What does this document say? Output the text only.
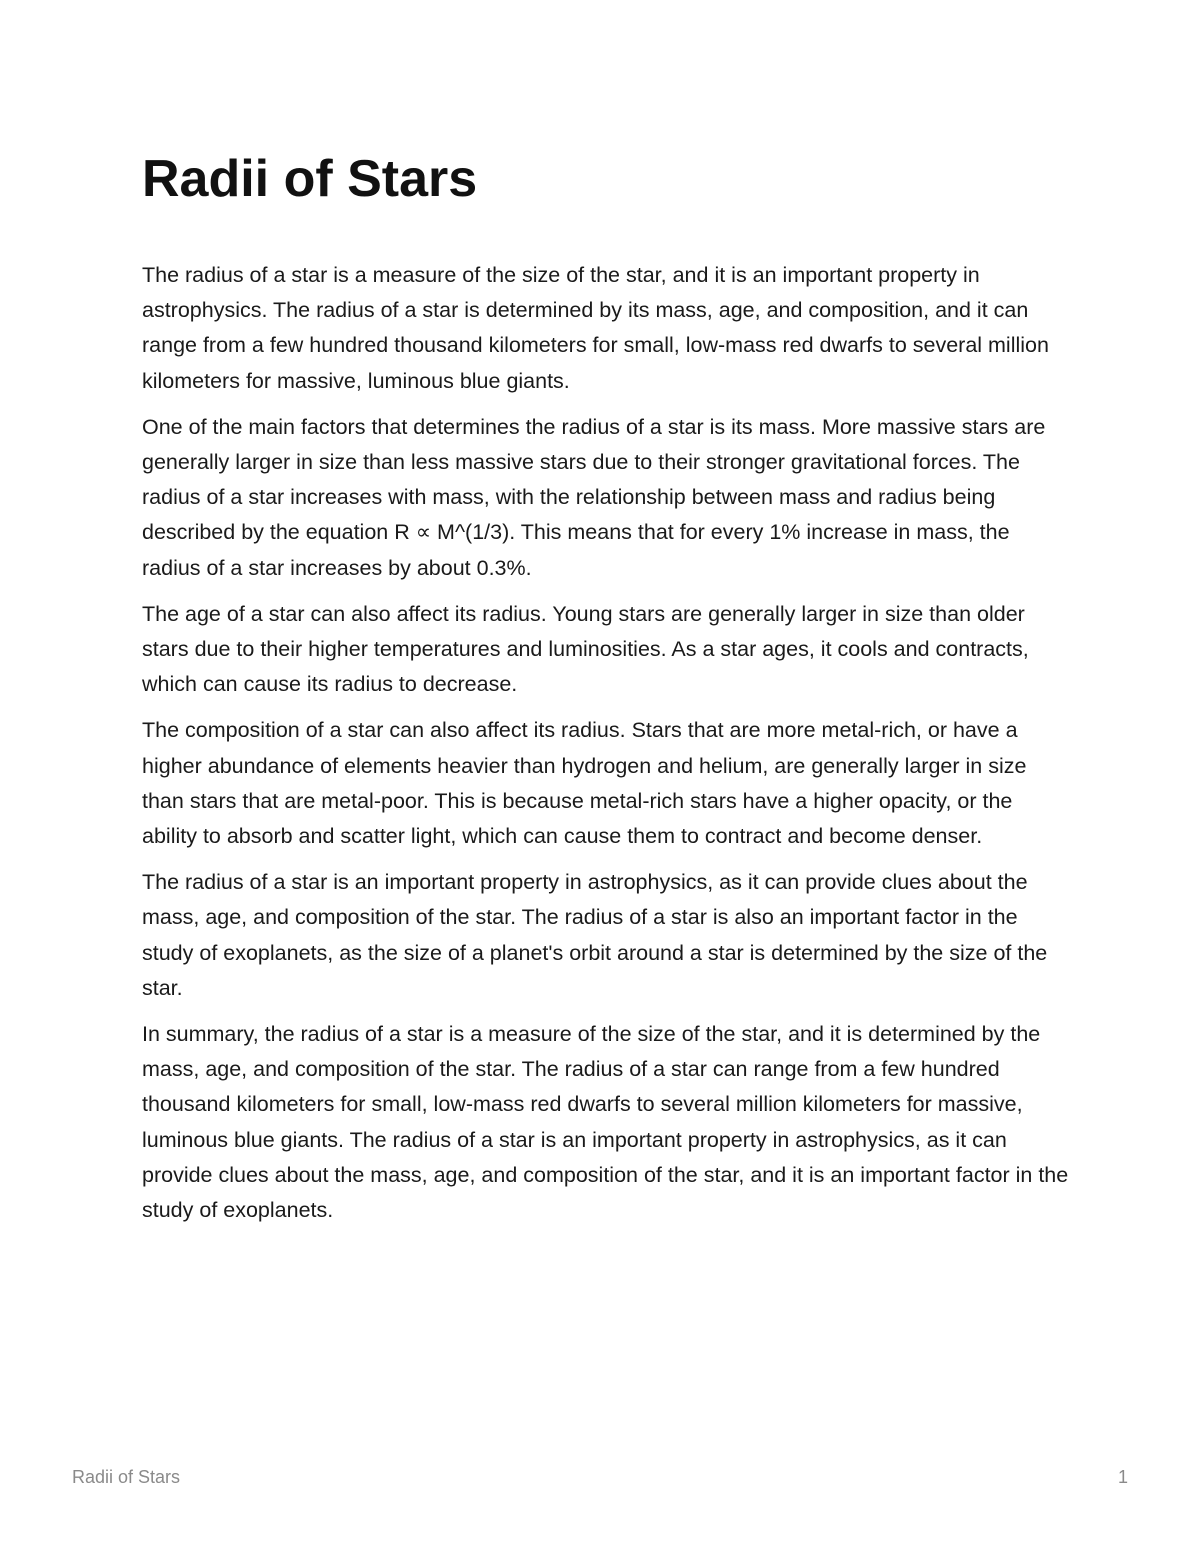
Radii of Stars

The radius of a star is a measure of the size of the star, and it is an important property in astrophysics. The radius of a star is determined by its mass, age, and composition, and it can range from a few hundred thousand kilometers for small, low-mass red dwarfs to several million kilometers for massive, luminous blue giants.

One of the main factors that determines the radius of a star is its mass. More massive stars are generally larger in size than less massive stars due to their stronger gravitational forces. The radius of a star increases with mass, with the relationship between mass and radius being described by the equation R ∝ M^(1/3). This means that for every 1% increase in mass, the radius of a star increases by about 0.3%.

The age of a star can also affect its radius. Young stars are generally larger in size than older stars due to their higher temperatures and luminosities. As a star ages, it cools and contracts, which can cause its radius to decrease.

The composition of a star can also affect its radius. Stars that are more metal-rich, or have a higher abundance of elements heavier than hydrogen and helium, are generally larger in size than stars that are metal-poor. This is because metal-rich stars have a higher opacity, or the ability to absorb and scatter light, which can cause them to contract and become denser.

The radius of a star is an important property in astrophysics, as it can provide clues about the mass, age, and composition of the star. The radius of a star is also an important factor in the study of exoplanets, as the size of a planet's orbit around a star is determined by the size of the star.

In summary, the radius of a star is a measure of the size of the star, and it is determined by the mass, age, and composition of the star. The radius of a star can range from a few hundred thousand kilometers for small, low-mass red dwarfs to several million kilometers for massive, luminous blue giants. The radius of a star is an important property in astrophysics, as it can provide clues about the mass, age, and composition of the star, and it is an important factor in the study of exoplanets.

Radii of Stars	1
